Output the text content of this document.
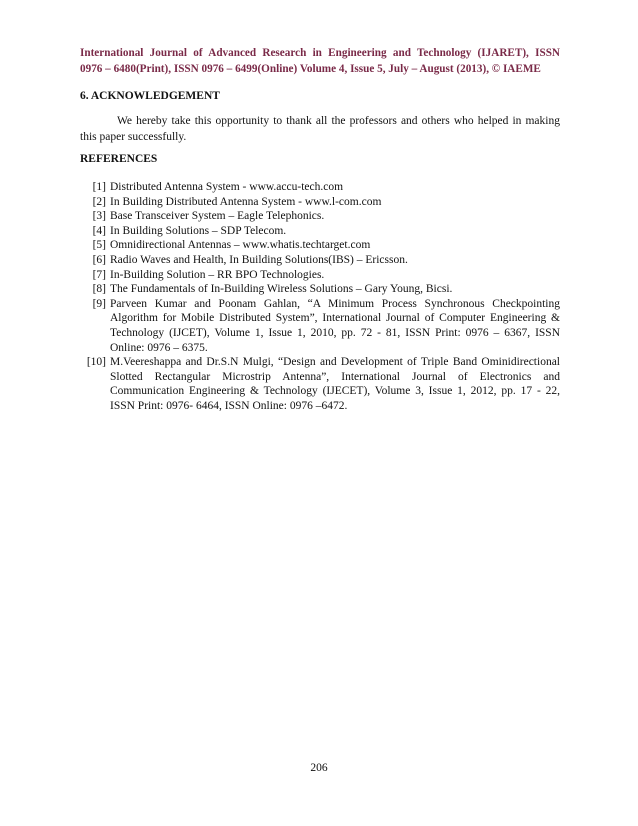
International Journal of Advanced Research in Engineering and Technology (IJARET), ISSN
0976 – 6480(Print), ISSN 0976 – 6499(Online) Volume 4, Issue 5, July – August (2013), © IAEME
6. ACKNOWLEDGEMENT

We hereby take this opportunity to thank all the professors and others who helped in making this paper successfully.

REFERENCES
[1] Distributed Antenna System - www.accu-tech.com
[2] In Building Distributed Antenna System - www.l-com.com
[3] Base Transceiver System – Eagle Telephonics.
[4] In Building Solutions – SDP Telecom.
[5] Omnidirectional Antennas – www.whatis.techtarget.com
[6] Radio Waves and Health, In Building Solutions(IBS) – Ericsson.
[7] In-Building Solution – RR BPO Technologies.
[8] The Fundamentals of In-Building Wireless Solutions – Gary Young, Bicsi.
[9] Parveen Kumar and Poonam Gahlan, “A Minimum Process Synchronous Checkpointing Algorithm for Mobile Distributed System”, International Journal of Computer Engineering & Technology (IJCET), Volume 1, Issue 1, 2010, pp. 72 - 81, ISSN Print: 0976 – 6367, ISSN Online: 0976 – 6375.
[10] M.Veereshappa and Dr.S.N Mulgi, “Design and Development of Triple Band Ominidirectional Slotted Rectangular Microstrip Antenna”, International Journal of Electronics and Communication Engineering & Technology (IJECET), Volume 3, Issue 1, 2012, pp. 17 - 22, ISSN Print: 0976- 6464, ISSN Online: 0976 –6472.
206
